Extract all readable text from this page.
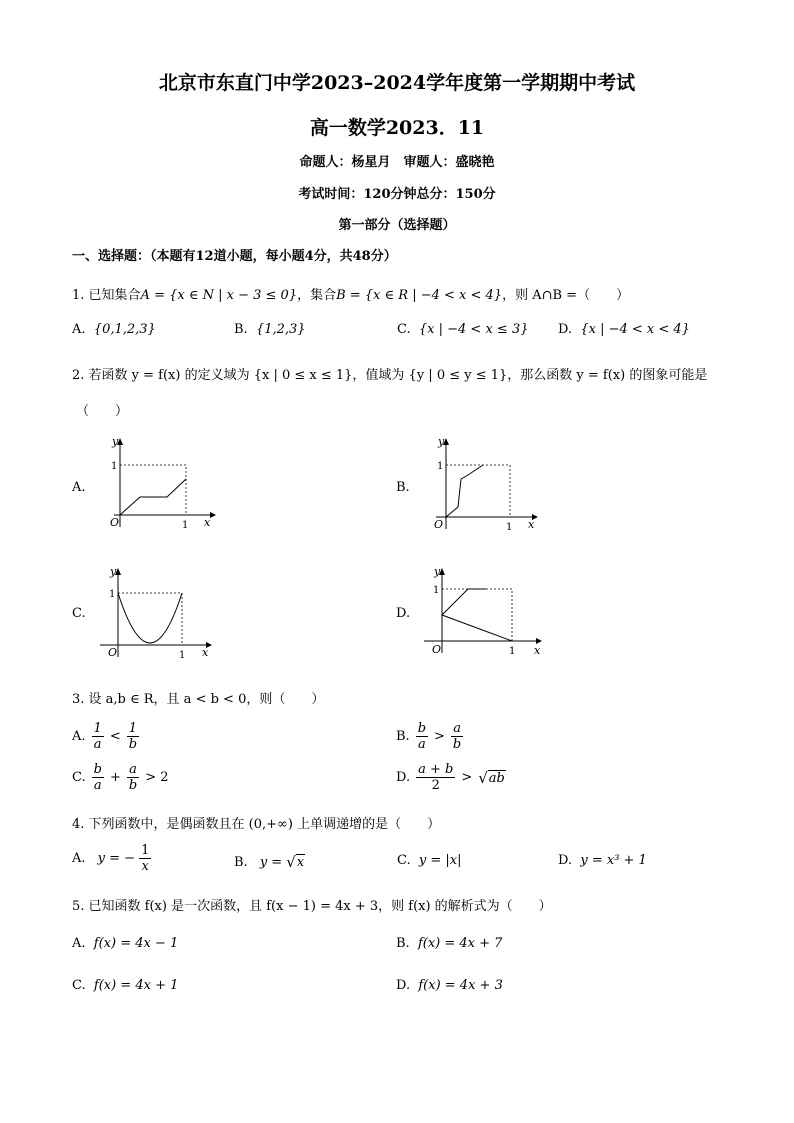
北京市东直门中学2023–2024学年度第一学期期中考试
高一数学2023．11
命题人：杨星月　审题人：盛晓艳
考试时间：120分钟总分：150分
第一部分（选择题）
一、选择题：（本题有12道小题，每小题4分，共48分）
1. 已知集合A = {x ∈ N | x − 3 ≤ 0}，集合B = {x ∈ R | −4 < x < 4}，则 A∩B =（　　）
A. {0,1,2,3}	B. {1,2,3}	C. {x | −4 < x ≤ 3} D. {x | −4 < x < 4}
2. 若函数 y = f(x) 的定义域为 {x | 0 ≤ x ≤ 1}，值域为 {y | 0 ≤ y ≤ 1}，那么函数 y = f(x) 的图象可能是
（　　）
A.
y
x
O	1
1
B.
y
x
O	1
1
C.
y
x
O	1
1
D.
y
x
O	1
1
3. 设 a,b ∈ R，且 a < b < 0，则（　　）
A. $\frac{1}{a} < \frac{1}{b}$	B. $\frac{b}{a} > \frac{a}{b}$
C. $\frac{b}{a} + \frac{a}{b} > 2$	D. $\frac{a + b}{2}$ > √ ab
4. 下列函数中，是偶函数且在 (0,+∞) 上单调递增的是（　　）
A.
y = − $\frac{1}{x}$	B.
y = √ x	C. y = |x|	D. y = x³ + 1
5. 已知函数 f(x) 是一次函数，且 f(x − 1) = 4x + 3，则 f(x) 的解析式为（　　）
A. f(x) = 4x − 1	B. f(x) = 4x + 7
C. f(x) = 4x + 1	D. f(x) = 4x + 3
